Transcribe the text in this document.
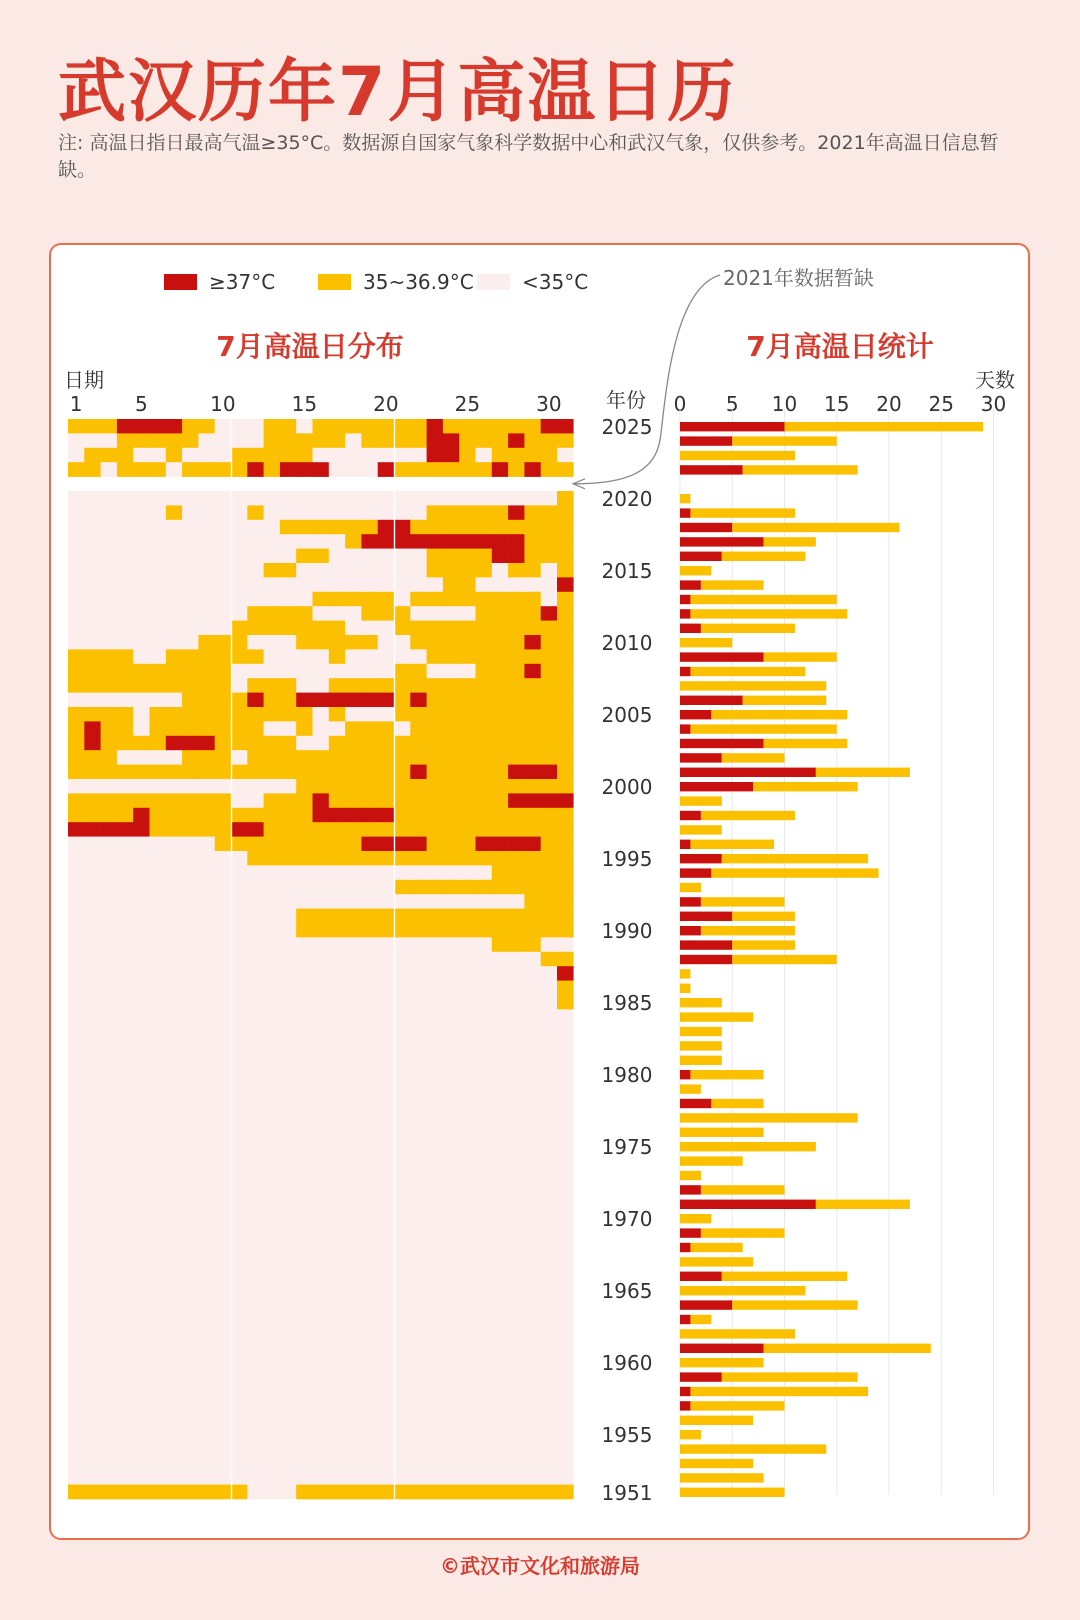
武汉历年7月高温日历

注: 高温日指日最高气温≥35°C。数据源自国家气象科学数据中心和武汉气象，仅供参考。2021年高温日信息暂缺。

≥37°C	35~36.9°C <35°C	2021年数据暂缺
7月高温日分布	7月高温日统计
日期
年份
天数
1	5	10	15	20	25	30	0 5 10 15 20 25 30
2025
2020
2015
2010
2005
2000
1995
1990
1985
1980
1975
1970
1965
1960
1955
1951
©武汉市文化和旅游局
